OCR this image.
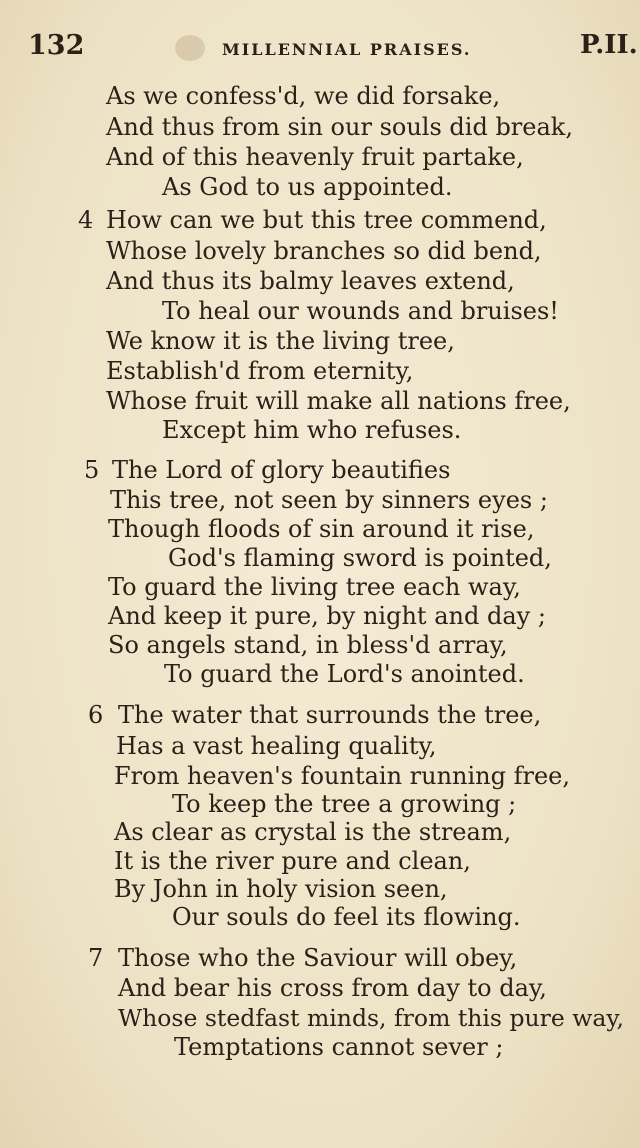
132	MILLENNIAL PRAISES.	P.II.
As we confess'd, we did forsake,
And thus from sin our souls did break,
And of this heavenly fruit partake,
As God to us appointed.
4 How can we but this tree commend,
Whose lovely branches so did bend,
And thus its balmy leaves extend,
To heal our wounds and bruises!
We know it is the living tree,
Establish'd from eternity,
Whose fruit will make all nations free,
Except him who refuses.
5 The Lord of glory beautifies
This tree, not seen by sinners eyes ;
Though floods of sin around it rise,
God's flaming sword is pointed,
To guard the living tree each way,
And keep it pure, by night and day ;
So angels stand, in bless'd array,
To guard the Lord's anointed.
6 The water that surrounds the tree,
Has a vast healing quality,
From heaven's fountain running free,
To keep the tree a growing ;
As clear as crystal is the stream,
It is the river pure and clean,
By John in holy vision seen,
Our souls do feel its flowing.
7 Those who the Saviour will obey,
And bear his cross from day to day,
Whose stedfast minds, from this pure way,
Temptations cannot sever ;
